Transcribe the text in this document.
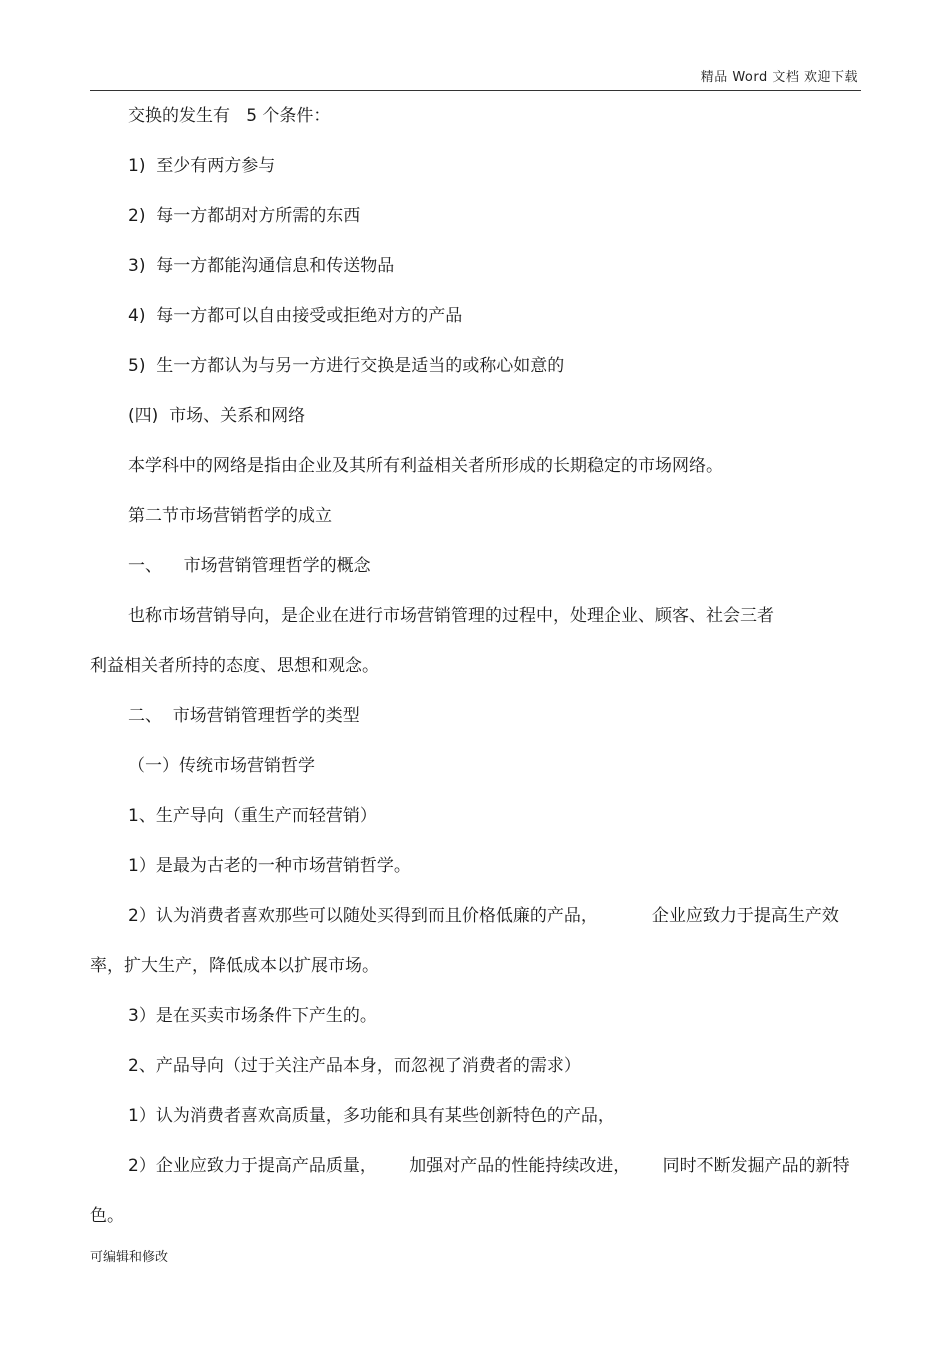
精品 Word 文档 欢迎下载
交换的发生有   5 个条件：
1)  至少有两方参与
2)  每一方都胡对方所需的东西
3)  每一方都能沟通信息和传送物品
4)  每一方都可以自由接受或拒绝对方的产品
5)  生一方都认为与另一方进行交换是适当的或称心如意的
(四)  市场、关系和网络
本学科中的网络是指由企业及其所有利益相关者所形成的长期稳定的市场网络。
第二节市场营销哲学的成立
一、    市场营销管理哲学的概念
也称市场营销导向，是企业在进行市场营销管理的过程中，处理企业、顾客、社会三者
利益相关者所持的态度、思想和观念。
二、  市场营销管理哲学的类型
（一）传统市场营销哲学
1、生产导向（重生产而轻营销）
1）是最为古老的一种市场营销哲学。
2）认为消费者喜欢那些可以随处买得到而且价格低廉的产品，          企业应致力于提高生产效
率，扩大生产，降低成本以扩展市场。
3）是在买卖市场条件下产生的。
2、产品导向（过于关注产品本身，而忽视了消费者的需求）
1）认为消费者喜欢高质量，多功能和具有某些创新特色的产品，
2）企业应致力于提高产品质量，      加强对产品的性能持续改进，      同时不断发掘产品的新特
色。
可编辑和修改
